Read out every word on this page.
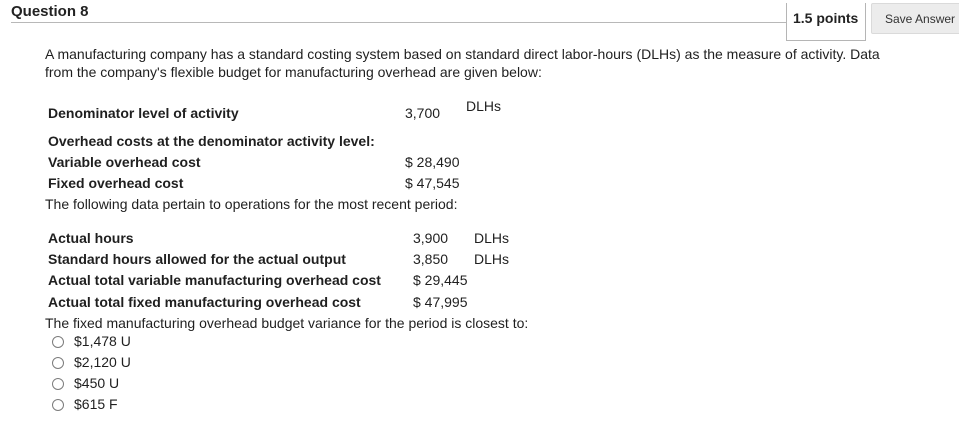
Question 8	1.5 points	Save Answer
A manufacturing company has a standard costing system based on standard direct labor-hours (DLHs) as the measure of activity. Data
from the company's flexible budget for manufacturing overhead are given below:
Denominator level of activity	3,700 DLHs
Overhead costs at the denominator activity level:
Variable overhead cost	$ 28,490
Fixed overhead cost	$ 47,545
The following data pertain to operations for the most recent period:
Actual hours	3,900 DLHs
Standard hours allowed for the actual output	3,850 DLHs
Actual total variable manufacturing overhead cost $ 29,445
Actual total fixed manufacturing overhead cost	$ 47,995
The fixed manufacturing overhead budget variance for the period is closest to:
$1,478 U
$2,120 U
$450 U
$615 F
